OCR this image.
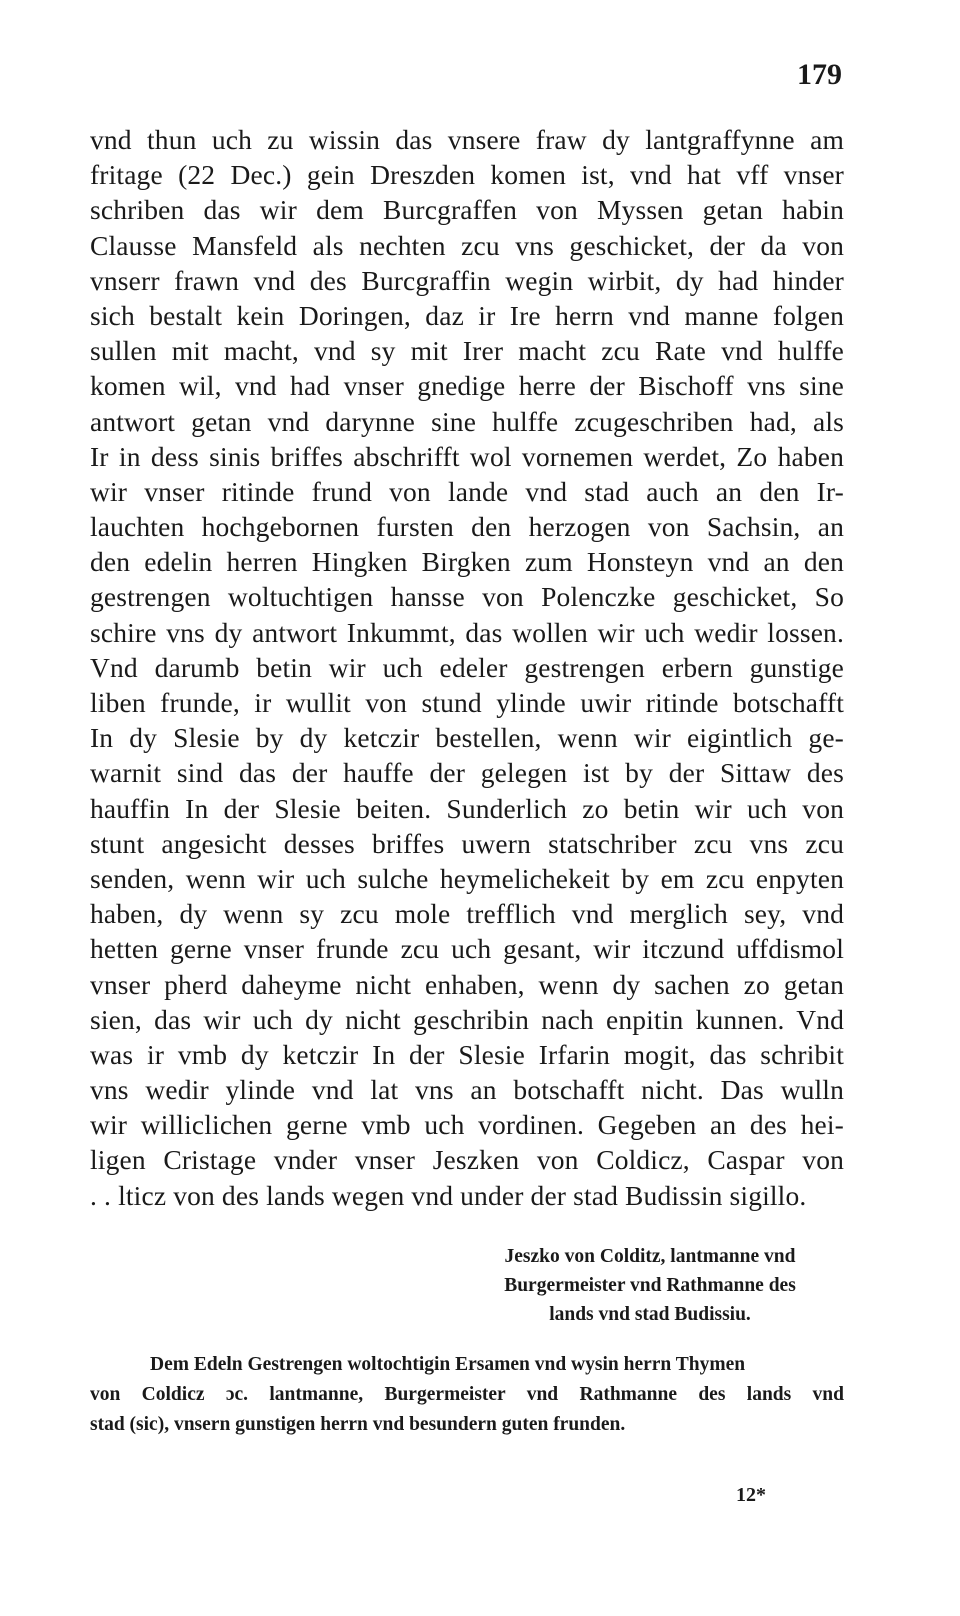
179
vnd thun uch zu wissin das vnsere fraw dy lantgraffynne am
fritage (22 Dec.) gein Dreszden komen ist, vnd hat vff vnser
schriben das wir dem Burcgraffen von Myssen getan habin
Clausse Mansfeld als nechten zcu vns geschicket, der da von
vnserr frawn vnd des Burcgraffin wegin wirbit, dy had hinder
sich bestalt kein Doringen, daz ir Ire herrn vnd manne folgen
sullen mit macht, vnd sy mit Irer macht zcu Rate vnd hulffe
komen wil, vnd had vnser gnedige herre der Bischoff vns sine
antwort getan vnd darynne sine hulffe zcugeschriben had, als
Ir in dess sinis briffes abschrifft wol vornemen werdet, Zo haben
wir vnser ritinde frund von lande vnd stad auch an den Ir-
lauchten hochgebornen fursten den herzogen von Sachsin, an
den edelin herren Hingken Birgken zum Honsteyn vnd an den
gestrengen woltuchtigen hansse von Polenczke geschicket, So
schire vns dy antwort Inkummt, das wollen wir uch wedir lossen.
Vnd darumb betin wir uch edeler gestrengen erbern gunstige
liben frunde, ir wullit von stund ylinde uwir ritinde botschafft
In dy Slesie by dy ketczir bestellen, wenn wir eigintlich ge-
warnit sind das der hauffe der gelegen ist by der Sittaw des
hauffin In der Slesie beiten. Sunderlich zo betin wir uch von
stunt angesicht desses briffes uwern statschriber zcu vns zcu
senden, wenn wir uch sulche heymelichekeit by em zcu enpyten
haben, dy wenn sy zcu mole trefflich vnd merglich sey, vnd
hetten gerne vnser frunde zcu uch gesant, wir itczund uffdismol
vnser pherd daheyme nicht enhaben, wenn dy sachen zo getan
sien, das wir uch dy nicht geschribin nach enpitin kunnen. Vnd
was ir vmb dy ketczir In der Slesie Irfarin mogit, das schribit
vns wedir ylinde vnd lat vns an botschafft nicht. Das wulln
wir williclichen gerne vmb uch vordinen. Gegeben an des hei-
ligen Cristage vnder vnser Jeszken von Coldicz, Caspar von
. . lticz von des lands wegen vnd under der stad Budissin sigillo.
Jeszko von Colditz, lantmanne vnd
Burgermeister vnd Rathmanne des
lands vnd stad Budissiu.
Dem Edeln Gestrengen woltochtigin Ersamen vnd wysin herrn Thymen
von Coldicz ɔc. lantmanne, Burgermeister vnd Rathmanne des lands vnd
stad (sic), vnsern gunstigen herrn vnd besundern guten frunden.
12*
